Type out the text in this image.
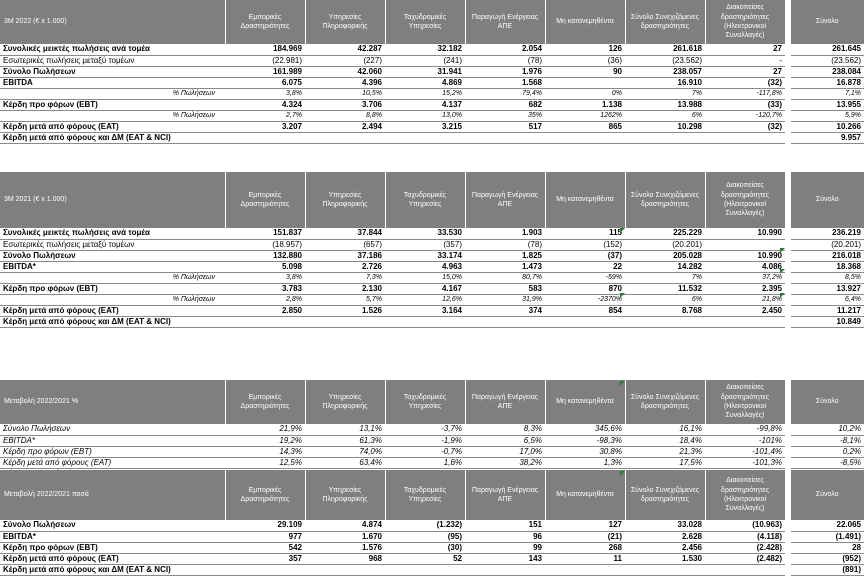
3M 2022 (€ x 1.000)	Εμπορικές Δραστηριότητες	Υπηρεσίες Πληροφορικής	Ταχυδρομικές Υπηρεσίες	Παραγωγή Ενέργειας ΑΠΕ	Μη κατανεμηθέντα	Σύνολο Συνεχιζόμενες δραστηριότητες	Διακοπείσες δραστηριότητες (Ηλεκτρονικοί Συναλλαγές)		Σύνολο
Συνολικές μεικτές πωλήσεις ανά τομέα	184.969	42.287	32.182	2.054	126	261.618	27		261.645
Εσωτερικές πωλήσεις μεταξύ τομέων	(22.981)	(227)	(241)	(78)	(36)	(23.562)	-		(23.562)
Σύνολο Πωλήσεων	161.989	42.060	31.941	1.976	90	238.057	27		238.084
EBITDA	6.075	4.396	4.869	1.568		16.910	(32)		16.878
% Πωλήσεων	3,8%	10,5%	15,2%	79,4%	0%	7%	-117,8%		7,1%
Κέρδη προ φόρων (EBT)	4.324	3.706	4.137	682	1.138	13.988	(33)		13.955
% Πωλήσεων	2,7%	8,8%	13,0%	35%	1262%	6%	-120,7%		5,9%
Κέρδη μετά από φόρους (EAT)	3.207	2.494	3.215	517	865	10.298	(32)		10.266
Κέρδη μετά από φόρους και ΔΜ (EAT & NCI)									9.957
3M 2021 (€ x 1.000)	Εμπορικές Δραστηριότητες	Υπηρεσίες Πληροφορικής	Ταχυδρομικές Υπηρεσίες	Παραγωγή Ενέργειας ΑΠΕ	Μη κατανεμηθέντα	Σύνολο Συνεχιζόμενες δραστηριότητες	Διακοπείσες δραστηριότητες (Ηλεκτρονικοί Συναλλαγές)		Σύνολο
Συνολικές μεικτές πωλήσεις ανά τομέα	151.837	37.844	33.530	1.903	115	225.229	10.990		236.219
Εσωτερικές πωλήσεις μεταξύ τομέων	(18.957)	(657)	(357)	(78)	(152)	(20.201)			(20.201)
Σύνολο Πωλήσεων	132.880	37.186	33.174	1.825	(37)	205.028	10.990		216.018
EBITDA*	5.098	2.726	4.963	1.473	22	14.282	4.086		18.368
% Πωλήσεων	3,8%	7,3%	15,0%	80,7%	-59%	7%	37,2%		8,5%
Κέρδη προ φόρων (EBT)	3.783	2.130	4.167	583	870	11.532	2.395		13.927
% Πωλήσεων	2,8%	5,7%	12,6%	31,9%	-2370%	6%	21,8%		6,4%
Κέρδη μετά από φόρους (EAT)	2.850	1.526	3.164	374	854	8.768	2.450		11.217
Κέρδη μετά από φόρους και ΔΜ (EAT & NCI)									10.849
Μεταβολή 2022/2021 %	Εμπορικές Δραστηριότητες	Υπηρεσίες Πληροφορικής	Ταχυδρομικές Υπηρεσίες	Παραγωγή Ενέργειας ΑΠΕ	Μη κατανεμηθέντα	Σύνολο Συνεχιζόμενες δραστηριότητες	Διακοπείσες δραστηριότητες (Ηλεκτρονικοί Συναλλαγές)		Σύνολο
Σύνολο Πωλήσεων	21,9%	13,1%	-3,7%	8,3%	345,6%	16,1%	-99,8%		10,2%
EBITDA*	19,2%	61,3%	-1,9%	6,5%	-98,3%	18,4%	-101%		-8,1%
Κέρδη προ φόρων (EBT)	14,3%	74,0%	-0,7%	17,0%	30,8%	21,3%	-101,4%		0,2%
Κέρδη μετά από φόρους (EAT)	12,5%	63,4%	1,6%	38,2%	1,3%	17,5%	-101,3%		-8,5%

Μεταβολή 2022/2021 ποσά	Εμπορικές Δραστηριότητες	Υπηρεσίες Πληροφορικής	Ταχυδρομικές Υπηρεσίες	Παραγωγή Ενέργειας ΑΠΕ	Μη κατανεμηθέντα	Σύνολο Συνεχιζόμενες δραστηριότητες	Διακοπείσες δραστηριότητες (Ηλεκτρονικοί Συναλλαγές)		Σύνολο
Σύνολο Πωλήσεων	29.109	4.874	(1.232)	151	127	33.028	(10.963)		22.065
EBITDA*	977	1.670	(95)	96	(21)	2.628	(4.118)		(1.491)
Κέρδη προ φόρων (EBT)	542	1.576	(30)	99	268	2.456	(2.428)		28
Κέρδη μετά από φόρους (EAT)	357	968	52	143	11	1.530	(2.482)		(952)
Κέρδη μετά από φόρους και ΔΜ (EAT & NCI)									(891)
